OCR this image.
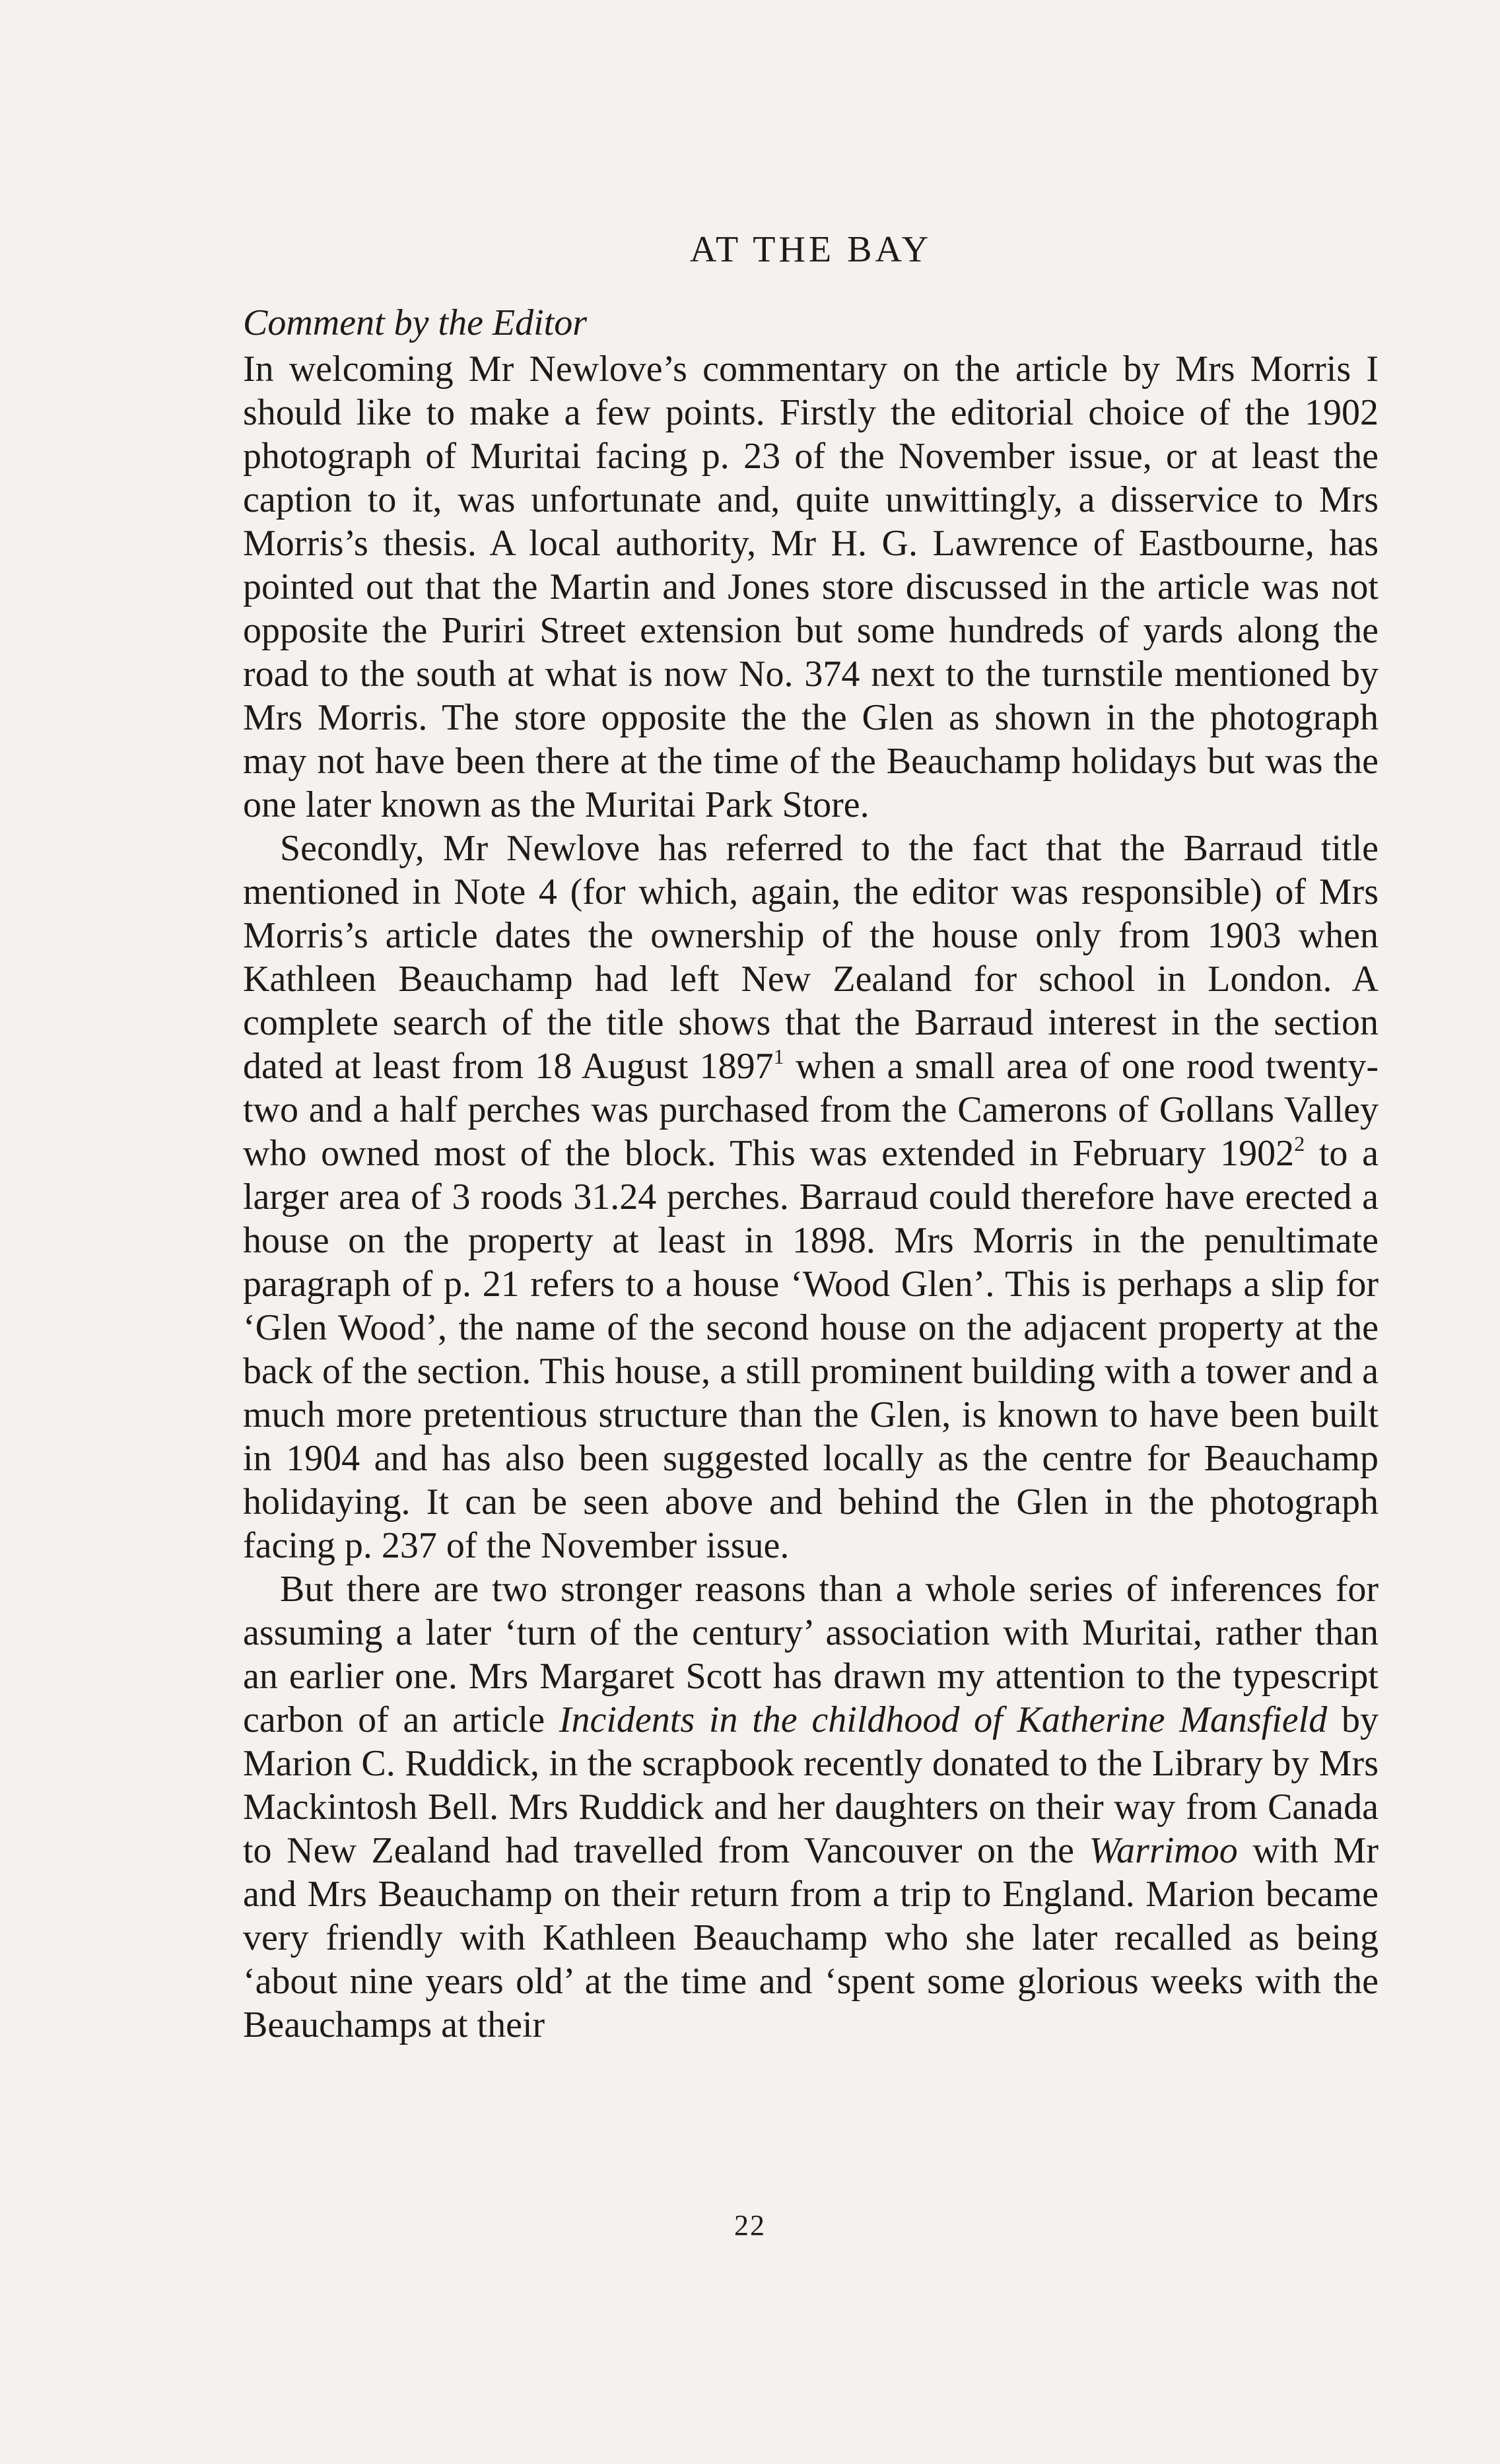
AT THE BAY
Comment by the Editor

In welcoming Mr Newlove’s commentary on the article by Mrs Morris I should like to make a few points. Firstly the editorial choice of the 1902 photograph of Muritai facing p. 23 of the November issue, or at least the caption to it, was unfortunate and, quite unwittingly, a disservice to Mrs Morris’s thesis. A local authority, Mr H. G. Lawrence of Eastbourne, has pointed out that the Martin and Jones store discussed in the article was not opposite the Puriri Street extension but some hundreds of yards along the road to the south at what is now No. 374 next to the turnstile mentioned by Mrs Morris. The store opposite the the Glen as shown in the photograph may not have been there at the time of the Beauchamp holidays but was the one later known as the Muritai Park Store.

Secondly, Mr Newlove has referred to the fact that the Barraud title mentioned in Note 4 (for which, again, the editor was responsible) of Mrs Morris’s article dates the ownership of the house only from 1903 when Kathleen Beauchamp had left New Zealand for school in London. A complete search of the title shows that the Barraud interest in the section dated at least from 18 August 1897$^1$ when a small area of one rood twenty-two and a half perches was purchased from the Camerons of Gollans Valley who owned most of the block. This was extended in February 1902$^2$ to a larger area of 3 roods 31.24 perches. Barraud could therefore have erected a house on the property at least in 1898. Mrs Morris in the penultimate paragraph of p. 21 refers to a house ‘Wood Glen’. This is perhaps a slip for ‘Glen Wood’, the name of the second house on the adjacent property at the back of the section. This house, a still prominent building with a tower and a much more pretentious structure than the Glen, is known to have been built in 1904 and has also been suggested locally as the centre for Beauchamp holidaying. It can be seen above and behind the Glen in the photograph facing p. 237 of the November issue.

But there are two stronger reasons than a whole series of inferences for assuming a later ‘turn of the century’ association with Muritai, rather than an earlier one. Mrs Margaret Scott has drawn my attention to the typescript carbon of an article Incidents in the childhood of Katherine Mansfield by Marion C. Ruddick, in the scrapbook recently donated to the Library by Mrs Mackintosh Bell. Mrs Ruddick and her daughters on their way from Canada to New Zealand had travelled from Vancouver on the Warrimoo with Mr and Mrs Beauchamp on their return from a trip to England. Marion became very friendly with Kathleen Beauchamp who she later recalled as being ‘about nine years old’ at the time and ‘spent some glorious weeks with the Beauchamps at their

22
